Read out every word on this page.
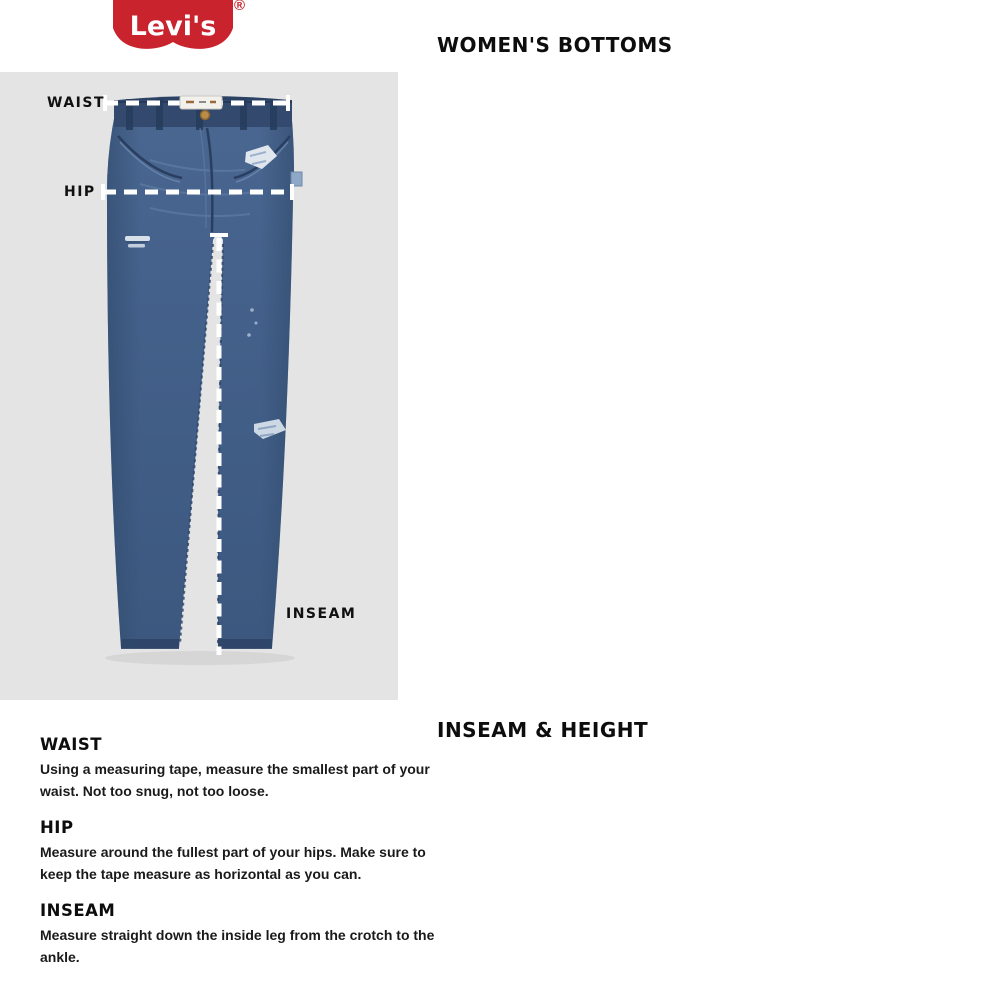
Levi's
®
WAIST
HIP
INSEAM
WOMEN'S BOTTOMS
INSEAM & HEIGHT
WAIST

Using a measuring tape, measure the smallest part of your waist. Not too snug, not too loose.

HIP

Measure around the fullest part of your hips. Make sure to keep the tape measure as horizontal as you can.

INSEAM

Measure straight down the inside leg from the crotch to the ankle.
